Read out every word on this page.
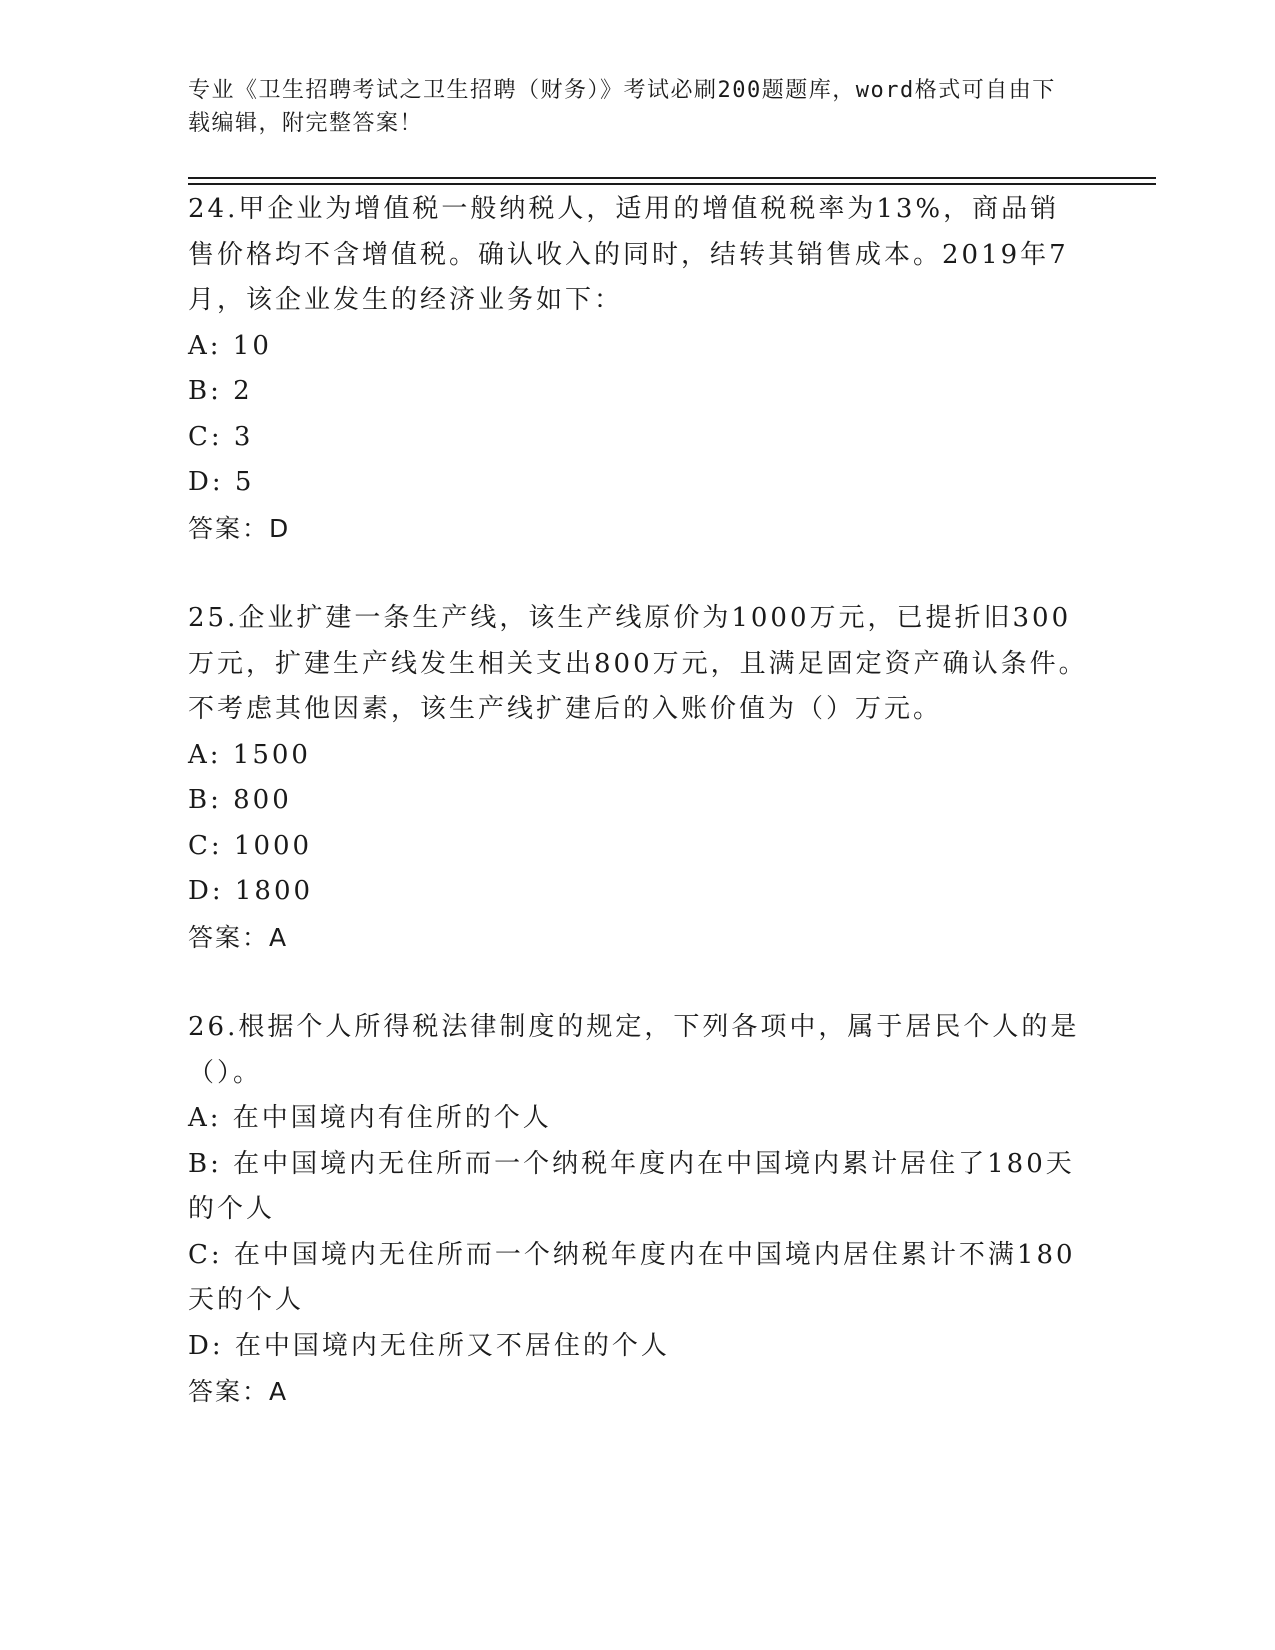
专业《卫生招聘考试之卫生招聘（财务）》考试必刷200题题库，word格式可自由下载编辑，附完整答案！

24.甲企业为增值税一般纳税人，适用的增值税税率为13%，商品销售价格均不含增值税。确认收入的同时，结转其销售成本。2019年7月，该企业发生的经济业务如下：

A: 10

B: 2

C: 3

D: 5

答案：D

25.企业扩建一条生产线，该生产线原价为1000万元，已提折旧300万元，扩建生产线发生相关支出800万元，且满足固定资产确认条件。不考虑其他因素，该生产线扩建后的入账价值为（）万元。

A: 1500

B: 800

C: 1000

D: 1800

答案：A

26.根据个人所得税法律制度的规定，下列各项中，属于居民个人的是（）。

A: 在中国境内有住所的个人

B: 在中国境内无住所而一个纳税年度内在中国境内累计居住了180天的个人

C: 在中国境内无住所而一个纳税年度内在中国境内居住累计不满180天的个人

D: 在中国境内无住所又不居住的个人

答案：A
